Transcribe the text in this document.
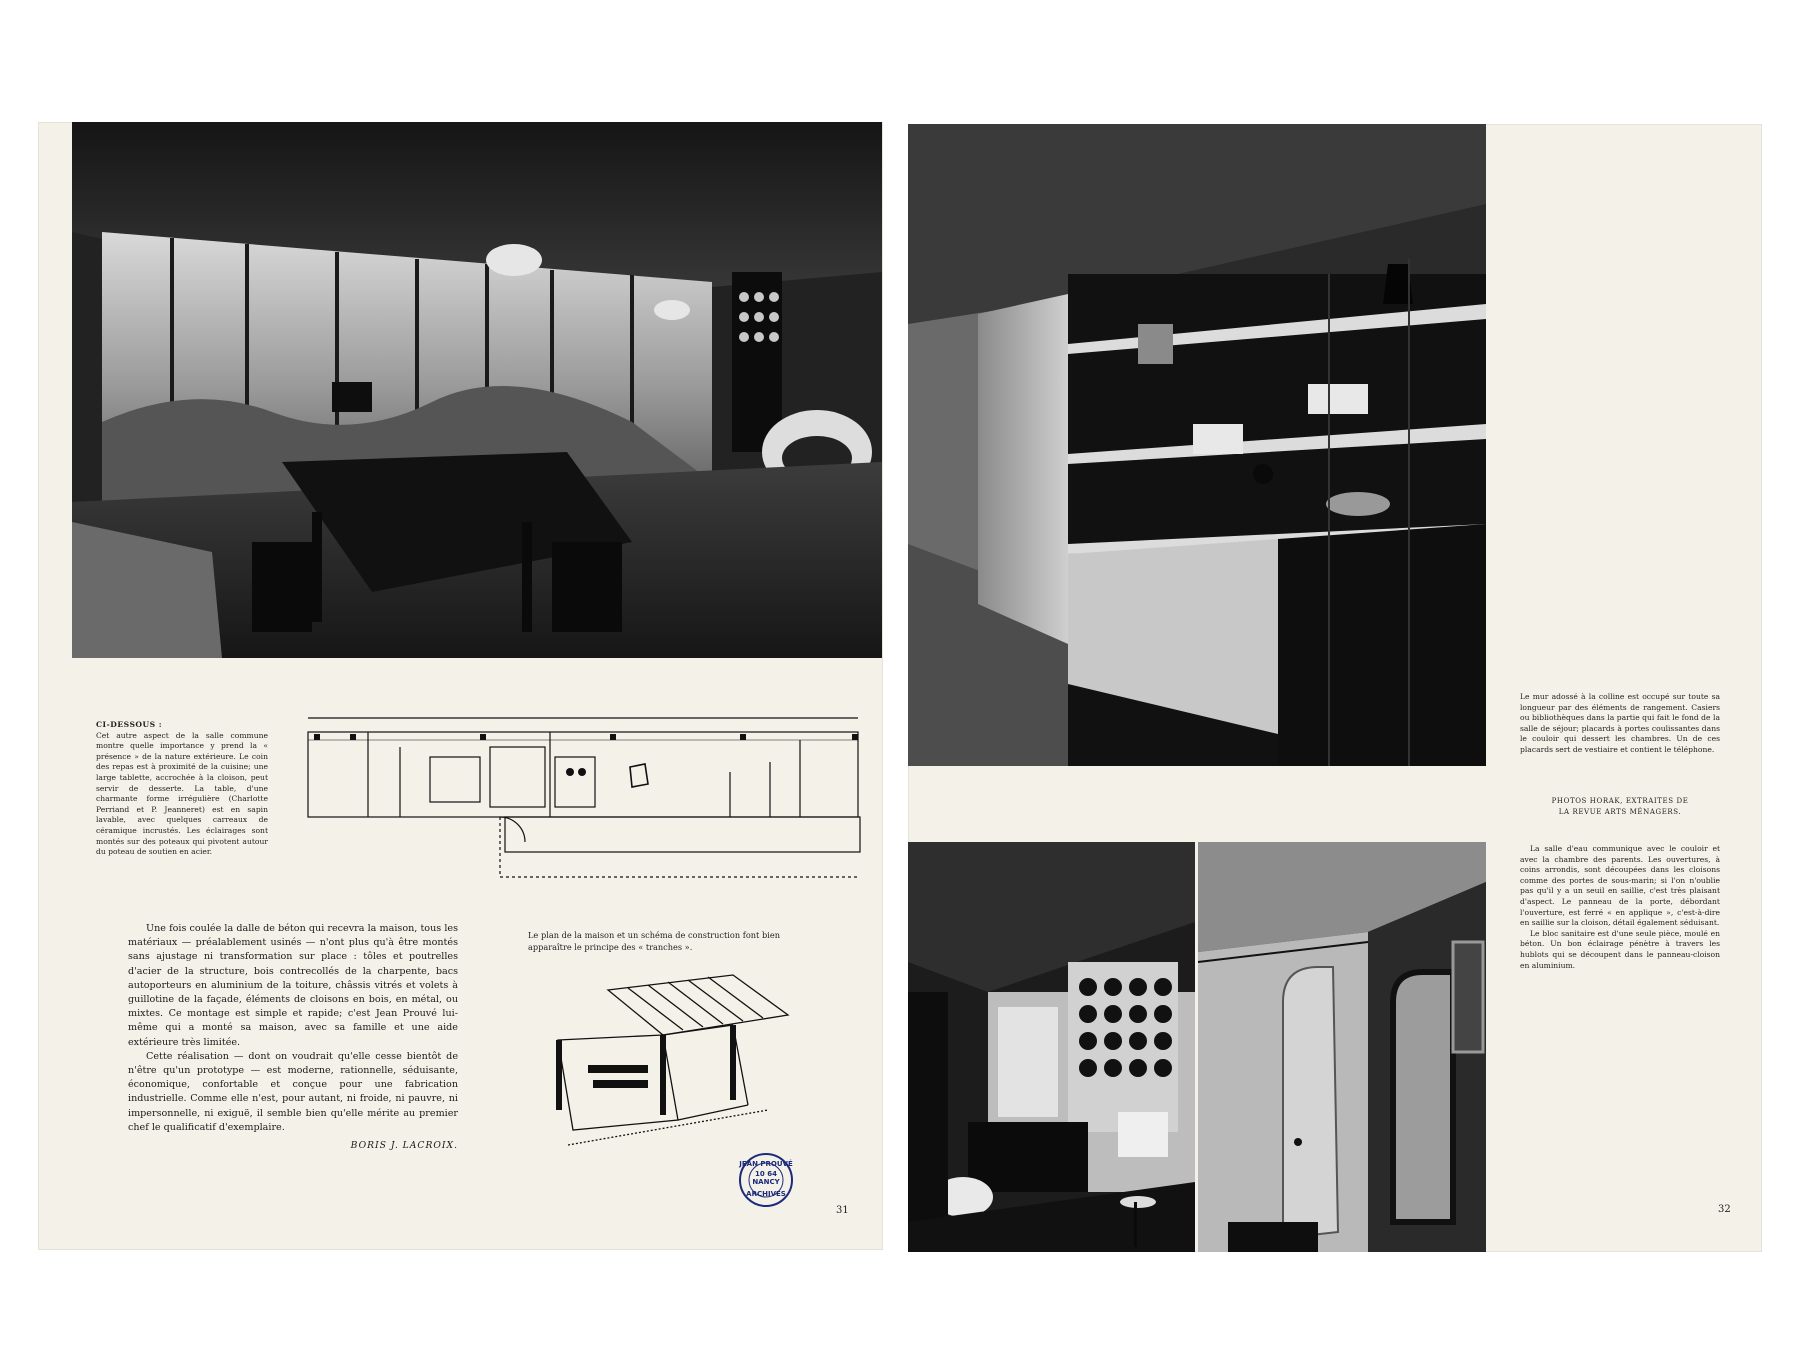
CI-DESSOUS :
Cet autre aspect de la salle commune montre quelle importance y prend la « présence » de la nature extérieure. Le coin des repas est à proximité de la cuisine; une large tablette, accrochée à la cloison, peut servir de desserte. La table, d'une charmante forme irrégulière (Charlotte Perriand et P. Jeanneret) est en sapin lavable, avec quelques carreaux de céramique incrustés. Les éclairages sont montés sur des poteaux qui pivotent autour du poteau de soutien en acier.

Une fois coulée la dalle de béton qui recevra la maison, tous les matériaux — préalablement usinés — n'ont plus qu'à être montés sans ajustage ni transformation sur place : tôles et poutrelles d'acier de la structure, bois contrecollés de la charpente, bacs autoporteurs en aluminium de la toiture, châssis vitrés et volets à guillotine de la façade, éléments de cloisons en bois, en métal, ou mixtes. Ce montage est simple et rapide; c'est Jean Prouvé lui-même qui a monté sa maison, avec sa famille et une aide extérieure très limitée.

Cette réalisation — dont on voudrait qu'elle cesse bientôt de n'être qu'un prototype — est moderne, rationnelle, séduisante, économique, confortable et conçue pour une fabrication industrielle. Comme elle n'est, pour autant, ni froide, ni pauvre, ni impersonnelle, ni exiguë, il semble bien qu'elle mérite au premier chef le qualificatif d'exemplaire.

BORIS J. LACROIX.
Le plan de la maison et un schéma de construction font bien apparaître le principe des « tranches ».
JEAN PROUVÉ
10 64
NANCY
ARCHIVES
31
Le mur adossé à la colline est occupé sur toute sa longueur par des éléments de rangement. Casiers ou bibliothèques dans la partie qui fait le fond de la salle de séjour; placards à portes coulissantes dans le couloir qui dessert les chambres. Un de ces placards sert de vestiaire et contient le téléphone.
PHOTOS HORAK, EXTRAITES DE
LA REVUE ARTS MÉNAGERS.

La salle d'eau communique avec le couloir et avec la chambre des parents. Les ouvertures, à coins arrondis, sont découpées dans les cloisons comme des portes de sous-marin; si l'on n'oublie pas qu'il y a un seuil en saillie, c'est très plaisant d'aspect. Le panneau de la porte, débordant l'ouverture, est ferré « en applique », c'est-à-dire en saillie sur la cloison, détail également séduisant.

Le bloc sanitaire est d'une seule pièce, moulé en béton. Un bon éclairage pénètre à travers les hublots qui se découpent dans le panneau-cloison en aluminium.

32
